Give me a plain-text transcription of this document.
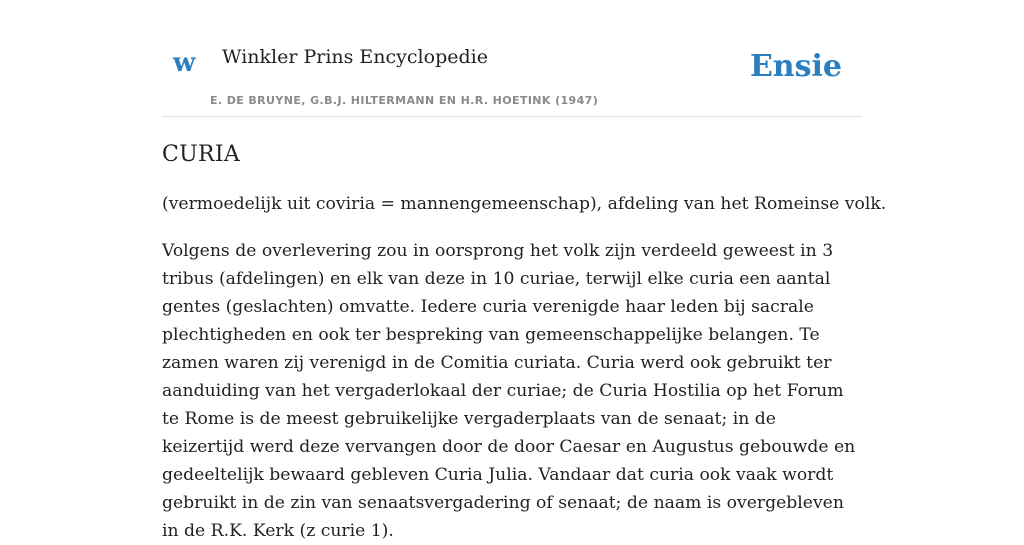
w Winkler Prins Encyclopedie
E. DE BRUYNE, G.B.J. HILTERMANN EN H.R. HOETINK (1947)
Ensie
CURIA

(vermoedelijk uit coviria = mannengemeenschap), afdeling van het Romeinse volk.

Volgens de overlevering zou in oorsprong het volk zijn verdeeld geweest in 3 tribus (afdelingen) en elk van deze in 10 curiae, terwijl elke curia een aantal gentes (geslachten) omvatte. Iedere curia verenigde haar leden bij sacrale plechtigheden en ook ter bespreking van gemeenschappelijke belangen. Te zamen waren zij verenigd in de Comitia curiata. Curia werd ook gebruikt ter aanduiding van het vergaderlokaal der curiae; de Curia Hostilia op het Forum te Rome is de meest gebruikelijke vergaderplaats van de senaat; in de keizertijd werd deze vervangen door de door Caesar en Augustus gebouwde en gedeeltelijk bewaard gebleven Curia Julia. Vandaar dat curia ook vaak wordt gebruikt in de zin van senaatsvergadering of senaat; de naam is overgebleven in de R.K. Kerk (z curie 1).
